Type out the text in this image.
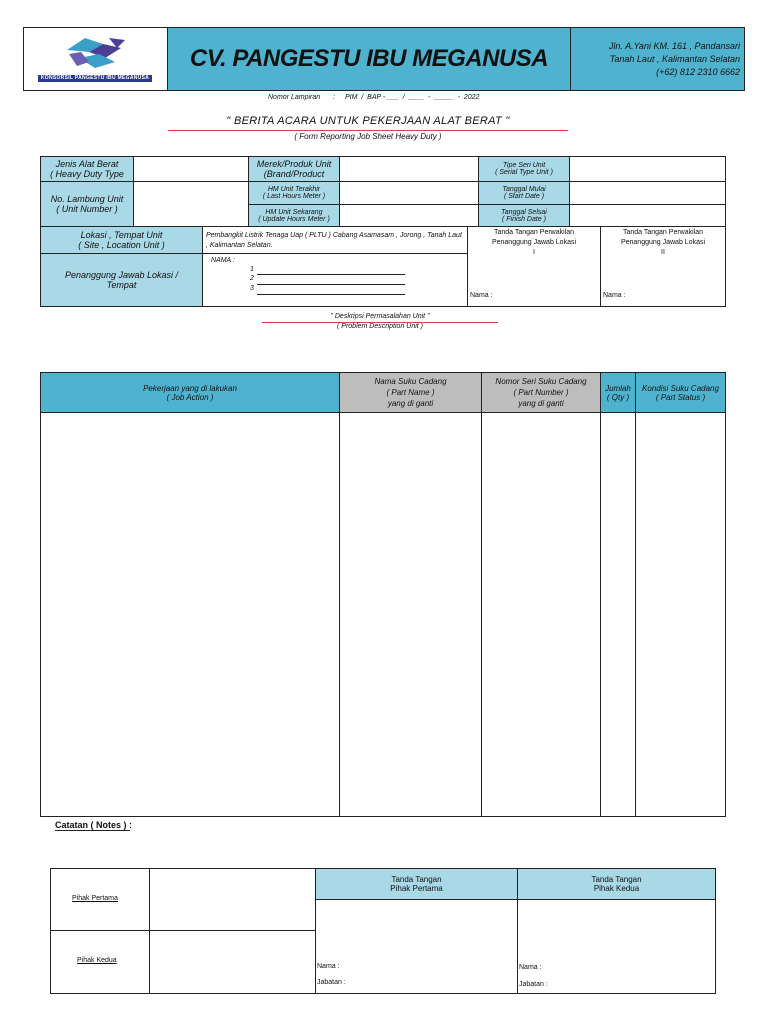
KONSORSIL PANGESTU IBU MEGANUSA
CV. PANGESTU IBU MEGANUSA	Jln. A.Yani KM. 161 , Pandansari
Tanah Laut , Kalimantan Selatan
(+62) 812 2310 6662
Nomor Lampiran : PIM  /  BAP - ___  /  ____  -  _____  -  2022
" BERITA ACARA UNTUK PEKERJAAN ALAT BERAT "
( Form Reporting Job Sheet Heavy Duty )
Jenis Alat Berat
( Heavy Duty Type
Merek/Produk Unit
(Brand/Product
Tipe Seri Unit
( Serial Type Unit )
No. Lambung Unit
( Unit Number )
HM Unit Terakhir
( Last Hours Meter )
Tanggal Mulai
( Start Date )
HM Unit Sekarang
( Update Hours Meter )
Tanggal Selsai
( Finish Date )
Lokasi , Tempat Unit
( Site , Location Unit )
Pembangkit Listrik Tenaga Uap ( PLTU ) Cabang Asamasam , Jorong , Tanah Laut , Kalimantan Selatan.
Penanggung Jawab Lokasi /
Tempat
NAMA :
1
2
3
Tanda Tangan Perwakilan
Penanggung Jawab Lokasi
I
Nama :
Tanda Tangan Perwakilan
Penanggung Jawab Lokasi
II
Nama :
" Deskripsi Permasalahan Unit "
( Problem Description Unit )
Pekerjaan yang di lakukan
( Job Action )
Nama Suku Cadang
( Part Name )
yang di ganti
Nomor Seri Suku Cadang
( Part Number )
yang di ganti
Jumlah
( Qty )
Kondisi Suku Cadang
( Part Status )
Catatan ( Notes ) :
Pihak Pertama
Pihak Kedua
Tanda Tangan
Pihak Pertama
Tanda Tangan
Pihak Kedua
Nama :
Jabatan :
Nama :
Jabatan :
